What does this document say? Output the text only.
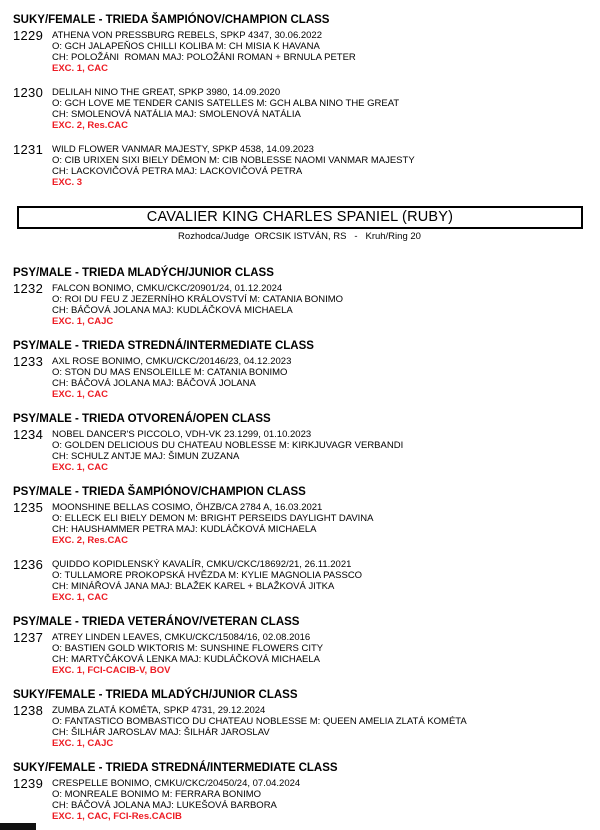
SUKY/FEMALE - TRIEDA ŠAMPIÓNOV/CHAMPION CLASS
1229 ATHENA VON PRESSBURG REBELS, SPKP 4347, 30.06.2022
O: GCH JALAPEŇOS CHILLI KOLIBA M: CH MISIA K HAVANA
CH: POLOŽÁNI  ROMAN MAJ: POLOŽÁNI ROMAN + BRNULA PETER
EXC. 1, CAC
1230 DELILAH NINO THE GREAT, SPKP 3980, 14.09.2020
O: GCH LOVE ME TENDER CANIS SATELLES M: GCH ALBA NINO THE GREAT
CH: SMOLENOVÁ NATÁLIA MAJ: SMOLENOVÁ NATÁLIA
EXC. 2, Res.CAC
1231 WILD FLOWER VANMAR MAJESTY, SPKP 4538, 14.09.2023
O: CIB URIXEN SIXI BIELY DÉMON M: CIB NOBLESSE NAOMI VANMAR MAJESTY
CH: LACKOVIČOVÁ PETRA MAJ: LACKOVIČOVÁ PETRA
EXC. 3
CAVALIER KING CHARLES SPANIEL (RUBY)
Rozhodca/Judge  ORCSIK ISTVÁN, RS   -   Kruh/Ring 20
PSY/MALE - TRIEDA MLADÝCH/JUNIOR CLASS
1232 FALCON BONIMO, CMKU/CKC/20901/24, 01.12.2024
O: ROI DU FEU Z JEZERNÍHO KRÁLOVSTVÍ M: CATANIA BONIMO
CH: BÁČOVÁ JOLANA MAJ: KUDLÁČKOVÁ MICHAELA
EXC. 1, CAJC
PSY/MALE - TRIEDA STREDNÁ/INTERMEDIATE CLASS
1233 AXL ROSE BONIMO, CMKU/CKC/20146/23, 04.12.2023
O: STON DU MAS ENSOLEILLE M: CATANIA BONIMO
CH: BÁČOVÁ JOLANA MAJ: BÁČOVÁ JOLANA
EXC. 1, CAC
PSY/MALE - TRIEDA OTVORENÁ/OPEN CLASS
1234 NOBEL DANCER'S PICCOLO, VDH-VK 23.1299, 01.10.2023
O: GOLDEN DELICIOUS DU CHATEAU NOBLESSE M: KIRKJUVAGR VERBANDI
CH: SCHULZ ANTJE MAJ: ŠIMUN ZUZANA
EXC. 1, CAC
PSY/MALE - TRIEDA ŠAMPIÓNOV/CHAMPION CLASS
1235 MOONSHINE BELLAS COSIMO, ÖHZB/CA 2784 A, 16.03.2021
O: ELLECK ELI BIELY DEMON M: BRIGHT PERSEIDS DAYLIGHT DAVINA
CH: HAUSHAMMER PETRA MAJ: KUDLÁČKOVÁ MICHAELA
EXC. 2, Res.CAC
1236 QUIDDO KOPIDLENSKÝ KAVALÍR, CMKU/CKC/18692/21, 26.11.2021
O: TULLAMORE PROKOPSKÁ HVĚZDA M: KYLIE MAGNOLIA PASSCO
CH: MINÁŘOVÁ JANA MAJ: BLAŽEK KAREL + BLAŽKOVÁ JITKA
EXC. 1, CAC
PSY/MALE - TRIEDA VETERÁNOV/VETERAN CLASS
1237 ATREY LINDEN LEAVES, CMKU/CKC/15084/16, 02.08.2016
O: BASTIEN GOLD WIKTORIS M: SUNSHINE FLOWERS CITY
CH: MARTYČÁKOVÁ LENKA MAJ: KUDLÁČKOVÁ MICHAELA
EXC. 1, FCI-CACIB-V, BOV
SUKY/FEMALE - TRIEDA MLADÝCH/JUNIOR CLASS
1238 ZUMBA ZLATÁ KOMÉTA, SPKP 4731, 29.12.2024
O: FANTASTICO BOMBASTICO DU CHATEAU NOBLESSE M: QUEEN AMELIA ZLATÁ KOMÉTA
CH: ŠILHÁR JAROSLAV MAJ: ŠILHÁR JAROSLAV
EXC. 1, CAJC
SUKY/FEMALE - TRIEDA STREDNÁ/INTERMEDIATE CLASS
1239 CRESPELLE BONIMO, CMKU/CKC/20450/24, 07.04.2024
O: MONREALE BONIMO M: FERRARA BONIMO
CH: BÁČOVÁ JOLANA MAJ: LUKEŠOVÁ BARBORA
EXC. 1, CAC, FCI-Res.CACIB
